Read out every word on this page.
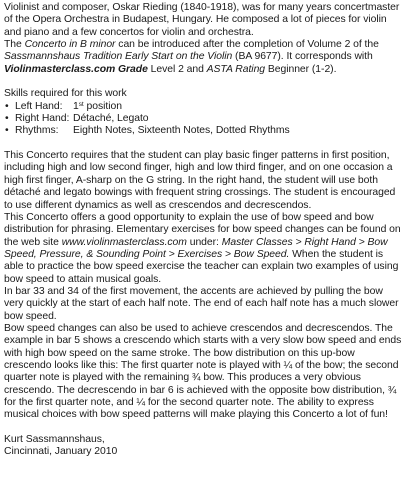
Violinist and composer, Oskar Rieding (1840-1918), was for many years concertmaster of the Opera Orchestra in Budapest, Hungary. He composed a lot of pieces for violin and piano and a few concertos for violin and orchestra.

The Concerto in B minor can be introduced after the completion of Volume 2 of the Sassmannshaus Tradition Early Start on the Violin (BA 9677). It corresponds with Violinmasterclass.com Grade Level 2 and ASTA Rating Beginner (1-2).

Skills required for this work

• Left Hand: 1st position

• Right Hand: Détaché, Legato

• Rhythms: Eighth Notes, Sixteenth Notes, Dotted Rhythms

This Concerto requires that the student can play basic finger patterns in first position, including high and low second finger, high and low third finger, and on one occasion a high first finger, A-sharp on the G string. In the right hand, the student will use both détaché and legato bowings with frequent string crossings. The student is encouraged to use different dynamics as well as crescendos and decrescendos.

This Concerto offers a good opportunity to explain the use of bow speed and bow distribution for phrasing. Elementary exercises for bow speed changes can be found on the web site www.violinmasterclass.com under: Master Classes > Right Hand > Bow Speed, Pressure, & Sounding Point > Exercises > Bow Speed. When the student is able to practice the bow speed exercise the teacher can explain two examples of using bow speed to attain musical goals.

In bar 33 and 34 of the first movement, the accents are achieved by pulling the bow very quickly at the start of each half note. The end of each half note has a much slower bow speed.

Bow speed changes can also be used to achieve crescendos and decrescendos. The example in bar 5 shows a crescendo which starts with a very slow bow speed and ends with high bow speed on the same stroke. The bow distribution on this up-bow crescendo looks like this: The first quarter note is played with ¼ of the bow; the second quarter note is played with the remaining ¾ bow. This produces a very obvious crescendo. The decrescendo in bar 6 is achieved with the opposite bow distribution, ¾ for the first quarter note, and ¼ for the second quarter note. The ability to express musical choices with bow speed patterns will make playing this Concerto a lot of fun!

Kurt Sassmannshaus,

Cincinnati, January 2010
